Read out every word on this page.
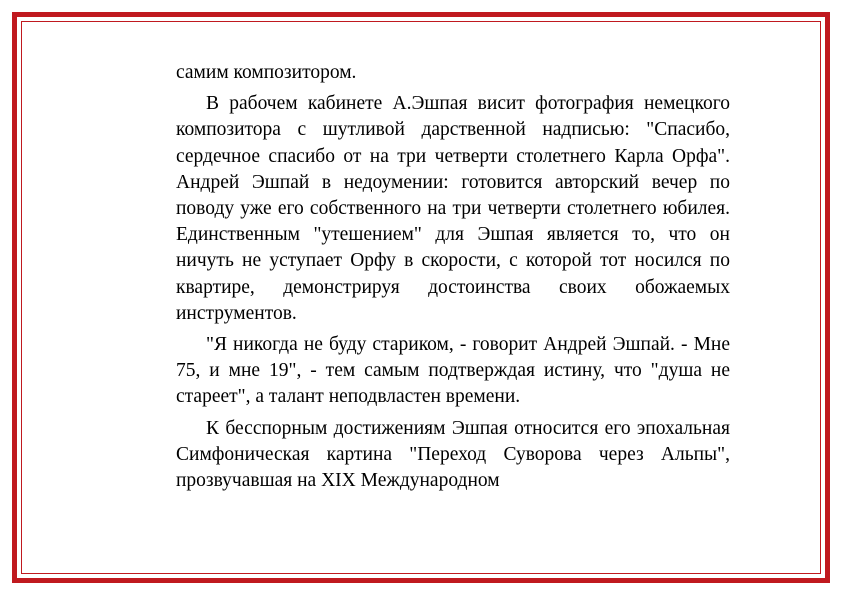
самим композитором.

В рабочем кабинете А.Эшпая висит фотография немецкого композитора с шутливой дарственной надписью: "Спасибо, сердечное спасибо от на три четверти столетнего Карла Орфа". Андрей Эшпай в недоумении: готовится авторский вечер по поводу уже его собственного на три четверти столетнего юбилея. Единственным "утешением" для Эшпая является то, что он ничуть не уступает Орфу в скорости, с которой тот носился по квартире, демонстрируя достоинства своих обожаемых инструментов.

"Я никогда не буду стариком, - говорит Андрей Эшпай. - Мне 75, и мне 19", - тем самым подтверждая истину, что "душа не стареет", а талант неподвластен времени.

К бесспорным достижениям Эшпая относится его эпохальная Симфоническая картина "Переход Суворова через Альпы", прозвучавшая на XIX Международном
